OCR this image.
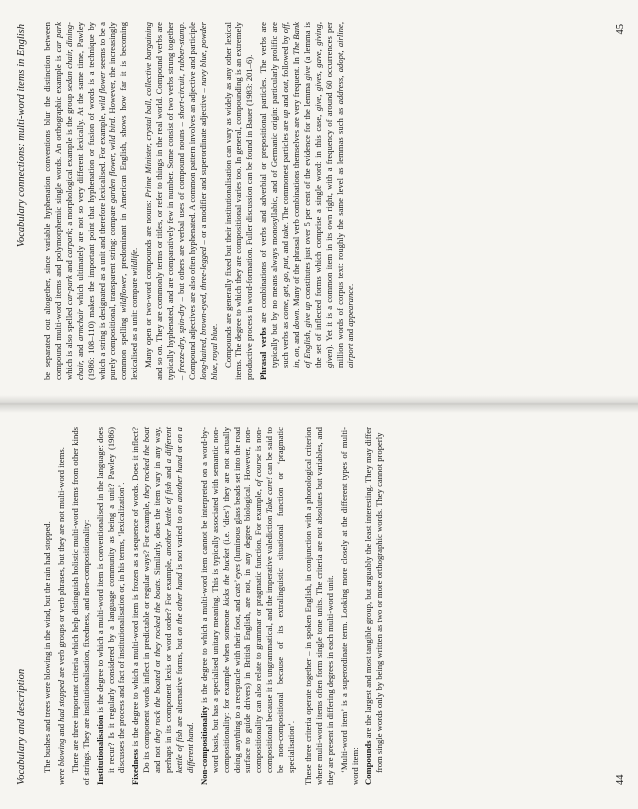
Vocabulary and description The bushes and trees were blowing in the wind, but the rain had stopped. were blowing and had stopped are verb groups or verb phrases, but they are not multi-word items. There are three important criteria which help distinguish holistic multi-word items from other kinds of strings. They are institutionalisation, fixedness, and non-compositionality: Institutionalisation is the degree to which a multi-word item is conventionalised in the language: does it recur? Is it regularly considered by a language community as being a unit? Pawley (1986) discusses the process and fact of institutionalisation or, in his terms, ‘lexicalization’. Fixedness is the degree to which a multi-word item is frozen as a sequence of words. Does it inflect? Do its component words inflect in predictable or regular ways? For example, they rocked the boat and not they rock the boated or they rocked the boats. Similarly, does the item vary in any way, perhaps in its component lexis or word order? For example, another kettle of fish and a different kettle of fish are alternative forms, but on the other hand is not varied to on another hand or on a different hand. Non-compositionality is the degree to which a multi-word item cannot be interpreted on a word-by-word basis, but has a specialised unitary meaning. This is typically associated with semantic non-compositionality: for example when someone kicks the bucket (i.e. ‘dies’) they are not actually doing anything to a receptacle with their foot, and cats’ eyes (luminous glass beads set into the road surface to guide drivers) in British English, are not, in any degree biological. However, non-compositionality can also relate to grammar or pragmatic function. For example, of course is non-compositional because it is ungrammatical, and the imperative valediction Take care! can be said to be non-compositional because of its extralinguistic situational function or ‘pragmatic specialisation’. These three criteria operate together – in spoken English, in conjunction with a phonological criterion where multi-word items often form single tone units. The criteria are not absolutes but variables, and they are present in differing degrees in each multi-word unit. ‘Multi-word item’ is a superordinate term. Looking more closely at the different types of multi-word item: Compounds are the largest and most tangible group, but arguably the least interesting. They may differ from single words only by being written as two or more orthographic words. They cannot properly

44
Vocabulary connections: multi-word items in English be separated out altogether, since variable hyphenation conventions blur the distinction between compound multi-word items and polymorphemic single words. An orthographic example is car park which is also spelled car-park and carpark; a morphological example is the group sedan chair, dining-chair, and armchair which ultimately are not so very different lexically. At the same time, Pawley (1986: 108–110) makes the important point that hyphenation or fusion of words is a technique by which a string is designated as a unit and therefore lexicalised. For example, wild flower seems to be a purely compositional, transparent string: compare garden flower, wild bird. However, the increasingly common spelling wildflower, predominant in American English, shows how far it is becoming lexicalised as a unit: compare wildlife. Many open or two-word compounds are nouns: Prime Minister, crystal ball, collective bargaining and so on. They are commonly terms or titles, or refer to things in the real world. Compound verbs are typically hyphenated, and are comparatively few in number. Some consist of two verbs strung together – freeze-dry, spin-dry – but others are verbal uses of compound nouns – short-circuit, rubber-stamp. Compound adjectives are also often hyphenated. A common pattern involves an adjective and participle long-haired, brown-eyed, three-legged – or a modifier and superordinate adjective – navy blue, powder blue, royal blue. Compounds are generally fixed but their institutionalisation can vary as widely as any other lexical items. The degree to which they are compositional varies too. In general, compounding is an extremely productive process in word-formation. Fuller discussion can be found in Bauer (1983: 201–6). Phrasal verbs are combinations of verbs and adverbial or prepositional particles. The verbs are typically but by no means always monosyllabic, and of Germanic origin: particularly prolific are such verbs as come, get, go, put, and take. The commonest particles are up and out, followed by off, in, on, and down. Many of the phrasal verb combinations themselves are very frequent. In The Bank of English, give up constitutes just over 5 per cent of the evidence for the lemma give (a lemma is the set of inflected forms which comprise a single word: in this case, give, gives, gave, giving, given). Yet it is a common item in its own right, with a frequency of around 60 occurrences per million words of corpus text: roughly the same level as lemmas such as address, adopt, airline, airport and appearance.

45
